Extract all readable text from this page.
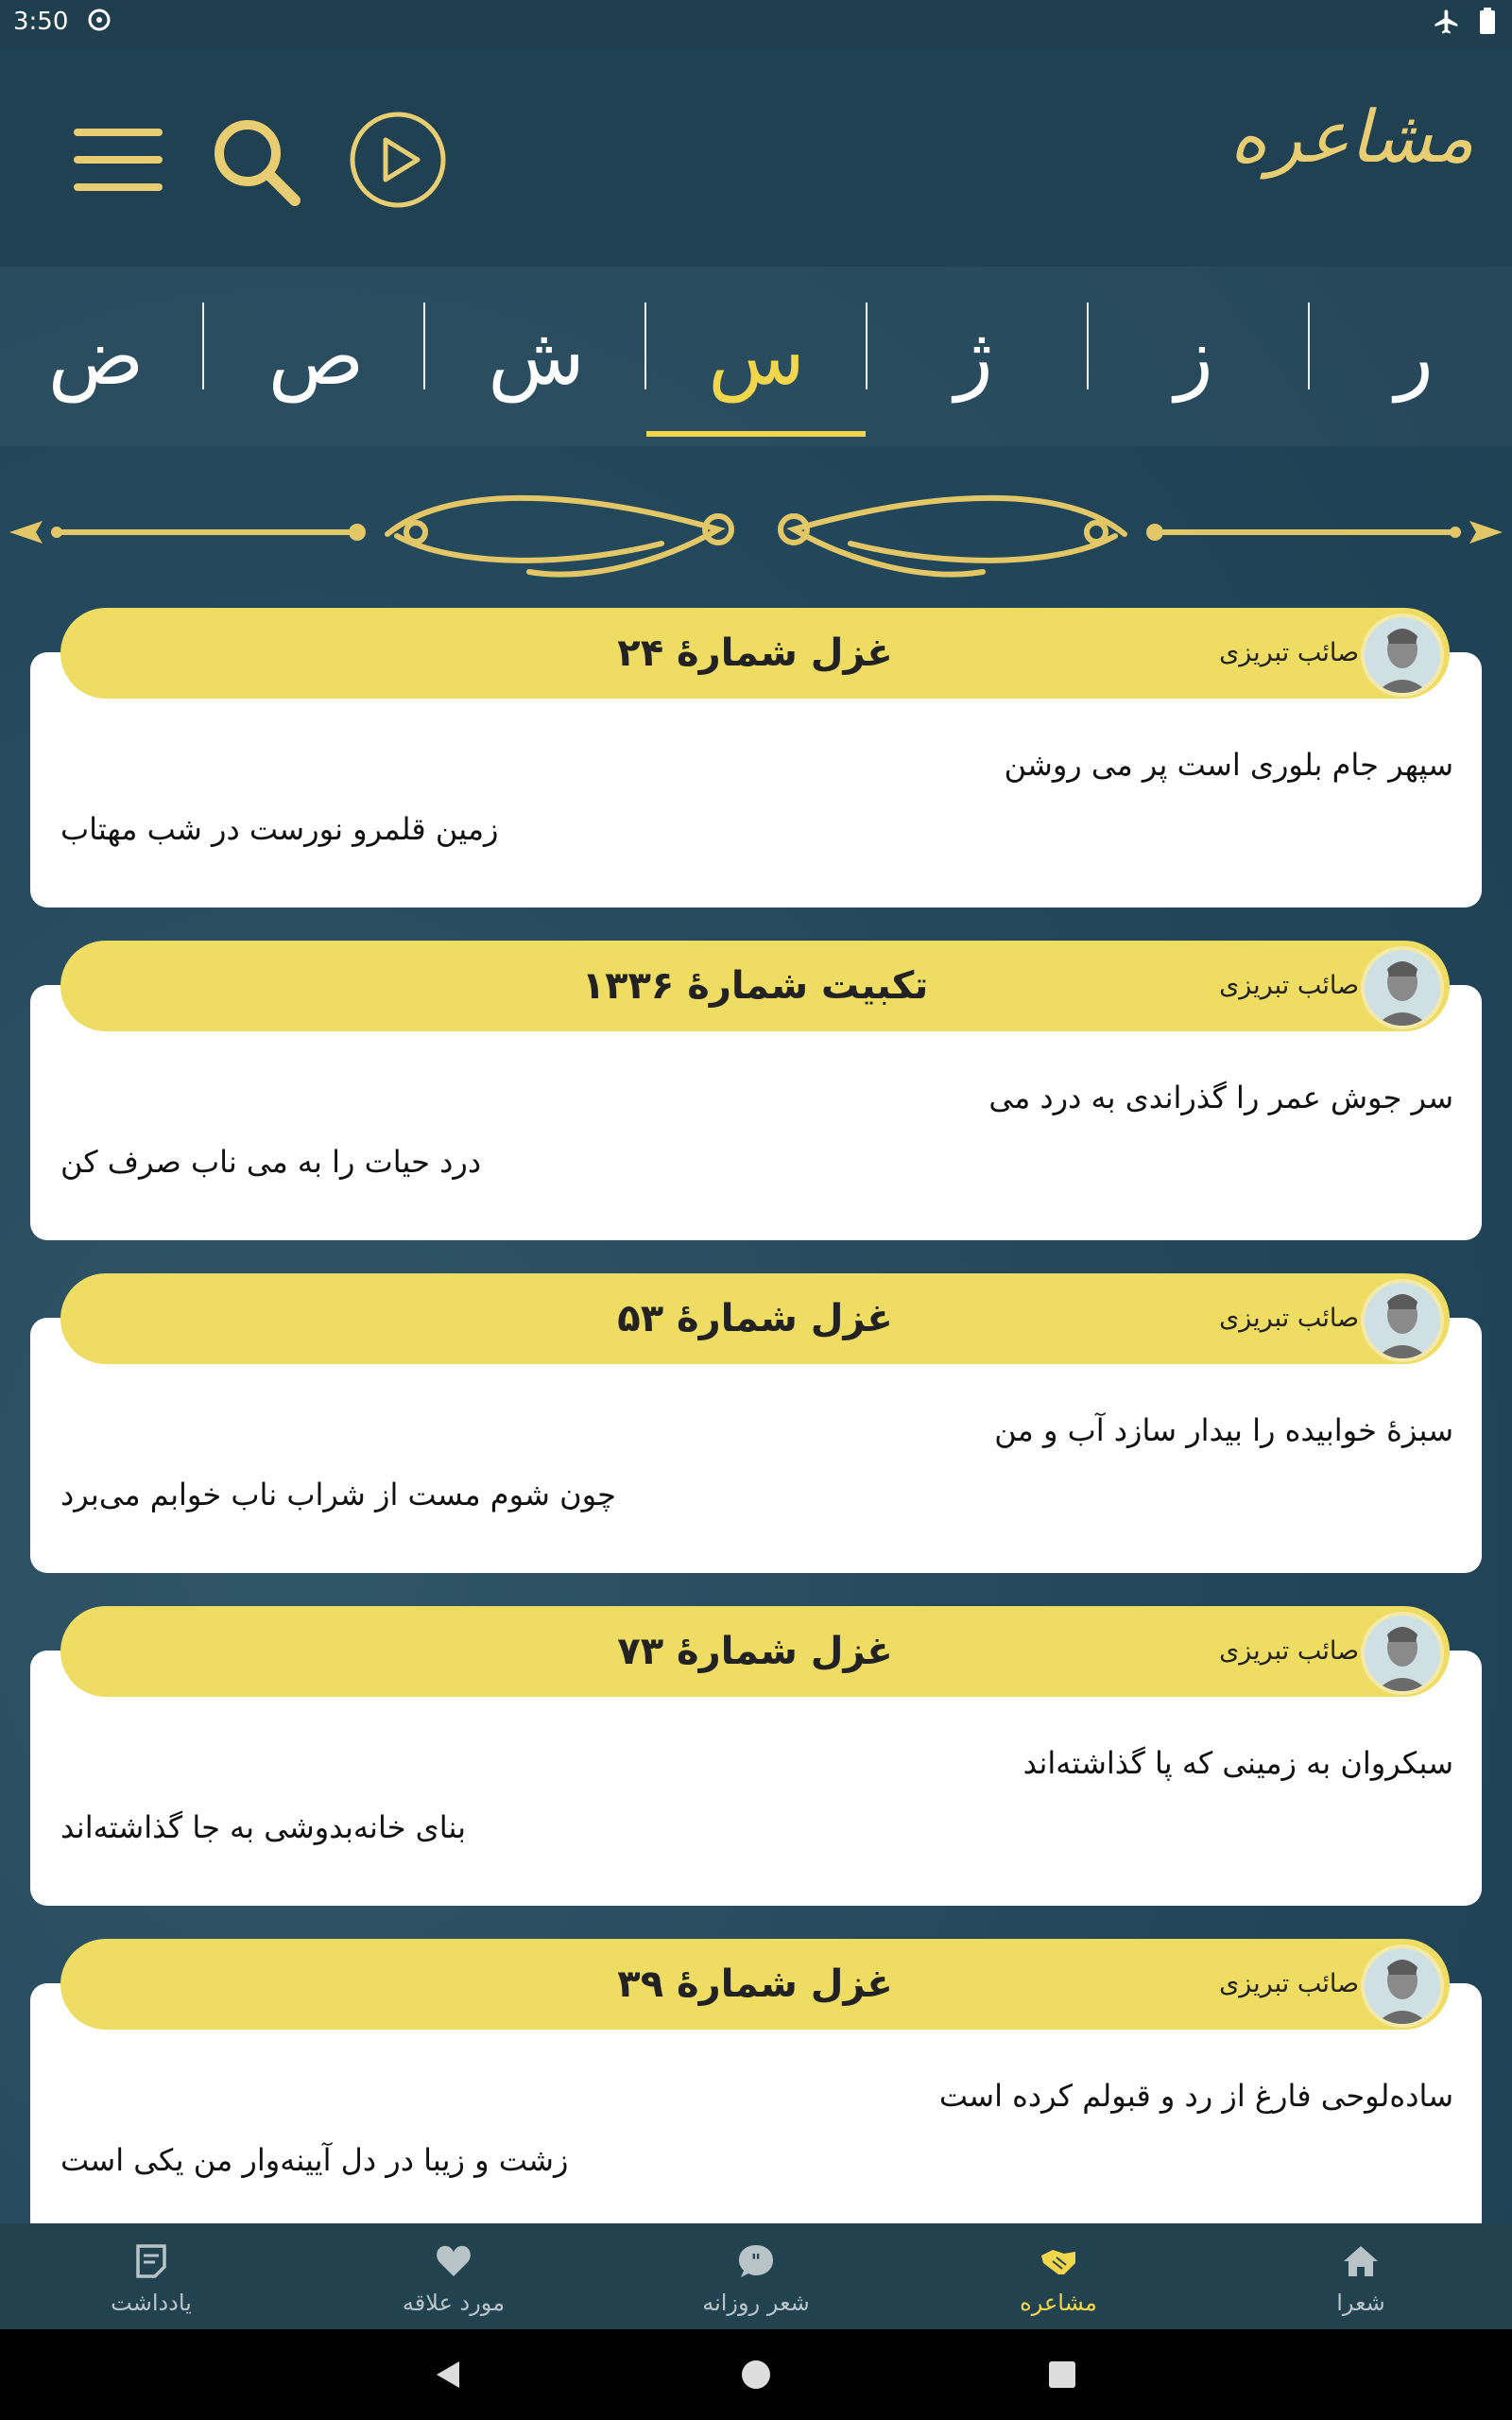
3:50
مشاعره
ر
ز
ژ
س
ش
ص
ض
غزل شمارهٔ ۲۴	صائب تبریزی
سپهر جام بلوری است پر می روشن
زمین قلمرو نورست در شب مهتاب
تکبیت شمارهٔ ۱۳۳۶	صائب تبریزی
سر جوش عمر را گذراندی به درد می
درد حیات را به می ناب صرف کن
غزل شمارهٔ ۵۳	صائب تبریزی
سبزهٔ خوابیده را بیدار سازد آب و من
چون شوم مست از شراب ناب خوابم می‌برد
غزل شمارهٔ ۷۳	صائب تبریزی
سبکروان به زمینی که پا گذاشته‌اند
بنای خانه‌بدوشی به جا گذاشته‌اند
غزل شمارهٔ ۳۹	صائب تبریزی
ساده‌لوحی فارغ از رد و قبولم کرده است
زشت و زیبا در دل آیینه‌وار من یکی است
شعرا
مشاعره
"
شعر روزانه
مورد علاقه
یادداشت
